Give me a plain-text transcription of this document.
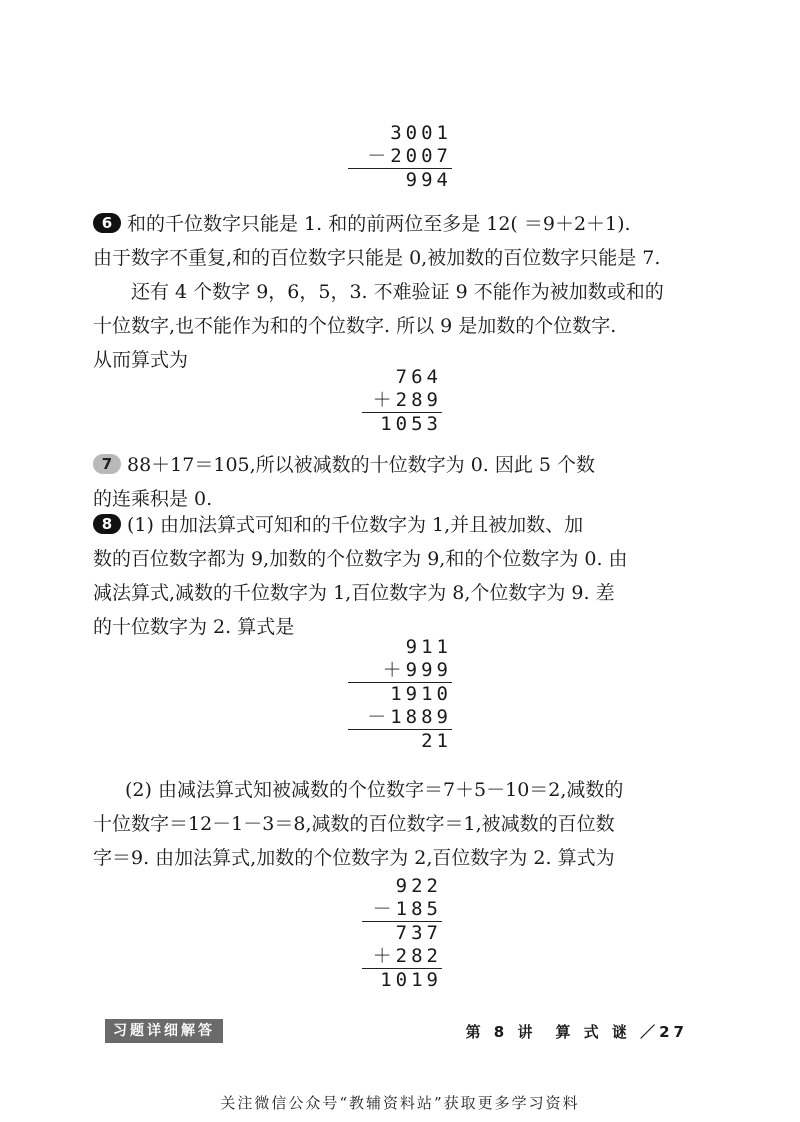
3001
－2007
994
6 和的千位数字只能是 1. 和的前两位至多是 12( ＝9＋2＋1).
由于数字不重复,和的百位数字只能是 0,被加数的百位数字只能是 7.
还有 4 个数字 9，6，5，3. 不难验证 9 不能作为被加数或和的
十位数字,也不能作为和的个位数字. 所以 9 是加数的个位数字.
从而算式为
764
＋289
1053
7 88＋17＝105,所以被减数的十位数字为 0. 因此 5 个数
的连乘积是 0.
8 (1) 由加法算式可知和的千位数字为 1,并且被加数、加
数的百位数字都为 9,加数的个位数字为 9,和的个位数字为 0. 由
减法算式,减数的千位数字为 1,百位数字为 8,个位数字为 9. 差
的十位数字为 2. 算式是
911
＋999
1910
－1889
21
(2) 由减法算式知被减数的个位数字＝7＋5－10＝2,减数的
十位数字＝12－1－3＝8,减数的百位数字＝1,被减数的百位数
字＝9. 由加法算式,加数的个位数字为 2,百位数字为 2. 算式为
922
－185
737
＋282
1019
习题详细解答	第 8 讲　算 式 谜 ／27
关注微信公众号“教辅资料站”获取更多学习资料
